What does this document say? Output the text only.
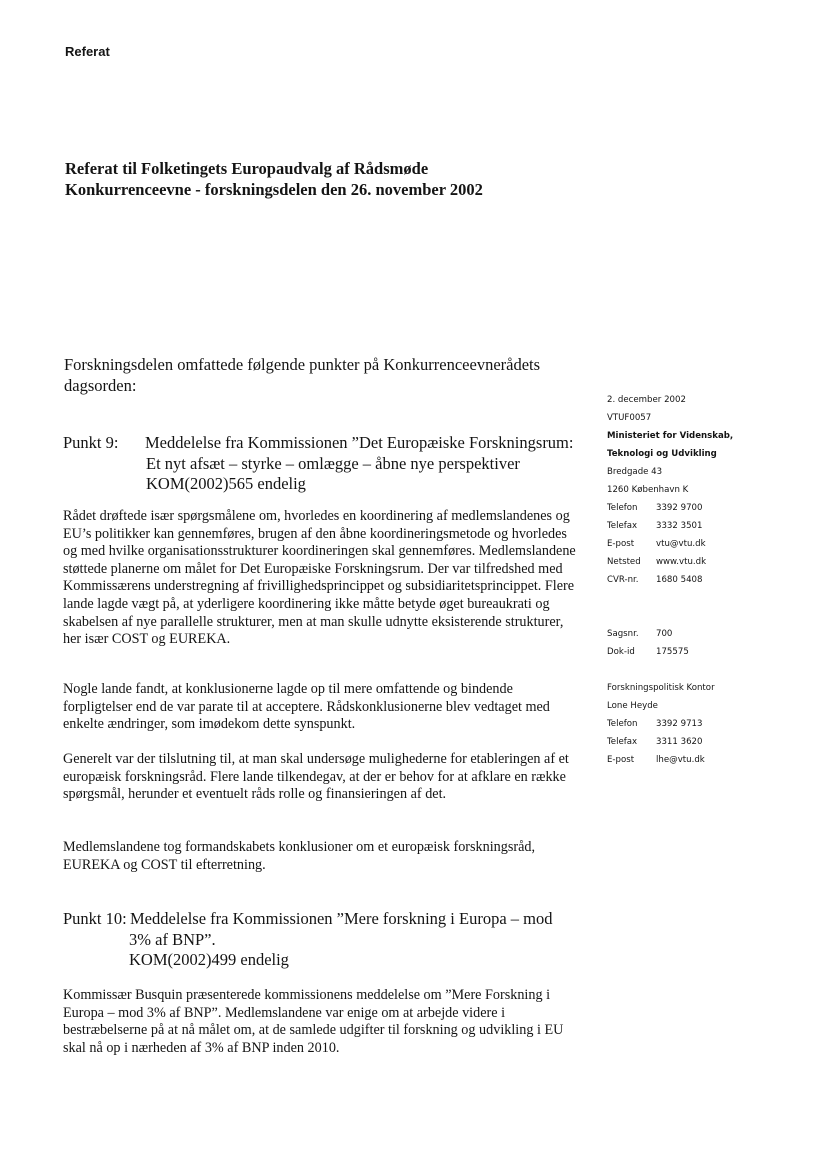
Referat
Referat til Folketingets Europaudvalg af Rådsmøde
Konkurrenceevne - forskningsdelen den 26. november 2002
Forskningsdelen omfattede følgende punkter på Konkurrenceevnerådets dagsorden:
Punkt 9:	Meddelelse fra Kommissionen ”Det Europæiske Forskningsrum:
Et nyt afsæt – styrke – omlægge – åbne nye perspektiver
KOM(2002)565 endelig
Rådet drøftede især spørgsmålene om, hvorledes en koordinering af medlemslandenes og EU’s politikker kan gennemføres, brugen af den åbne koordineringsmetode og hvorledes og med hvilke organisationsstrukturer koordineringen skal gennemføres. Medlemslandene støttede planerne om målet for Det Europæiske Forskningsrum. Der var tilfredshed med Kommissærens understregning af frivillighedsprincippet og subsidiaritetsprincippet. Flere lande lagde vægt på, at yderligere koordinering ikke måtte betyde øget bureaukrati og skabelsen af nye parallelle strukturer, men at man skulle udnytte eksisterende strukturer, her især COST og EUREKA.
Nogle lande fandt, at konklusionerne lagde op til mere omfattende og bindende forpligtelser end de var parate til at acceptere. Rådskonklusionerne blev vedtaget med enkelte ændringer, som imødekom dette synspunkt.
Generelt var der tilslutning til, at man skal undersøge mulighederne for etableringen af et europæisk forskningsråd. Flere lande tilkendegav, at der er behov for at afklare en række spørgsmål, herunder et eventuelt råds rolle og finansieringen af det.
Medlemslandene tog formandskabets konklusioner om et europæisk forskningsråd, EUREKA og COST til efterretning.
Punkt 10: Meddelelse fra Kommissionen ”Mere forskning i Europa – mod
3% af BNP”.
KOM(2002)499 endelig
Kommissær Busquin præsenterede kommissionens meddelelse om ”Mere Forskning i Europa – mod 3% af BNP”. Medlemslandene var enige om at arbejde videre i bestræbelserne på at nå målet om, at de samlede udgifter til forskning og udvikling i EU skal nå op i nærheden af 3% af BNP inden 2010.
2. december 2002
VTUF0057
Ministeriet for Videnskab,
Teknologi og Udvikling
Bredgade 43
1260 København K
Telefon	3392 9700
Telefax	3332 3501
E-post	vtu@vtu.dk
Netsted	www.vtu.dk
CVR-nr.	1680 5408
Sagsnr.	700
Dok-id	175575
Forskningspolitisk Kontor
Lone Heyde
Telefon	3392 9713
Telefax	3311 3620
E-post	lhe@vtu.dk
